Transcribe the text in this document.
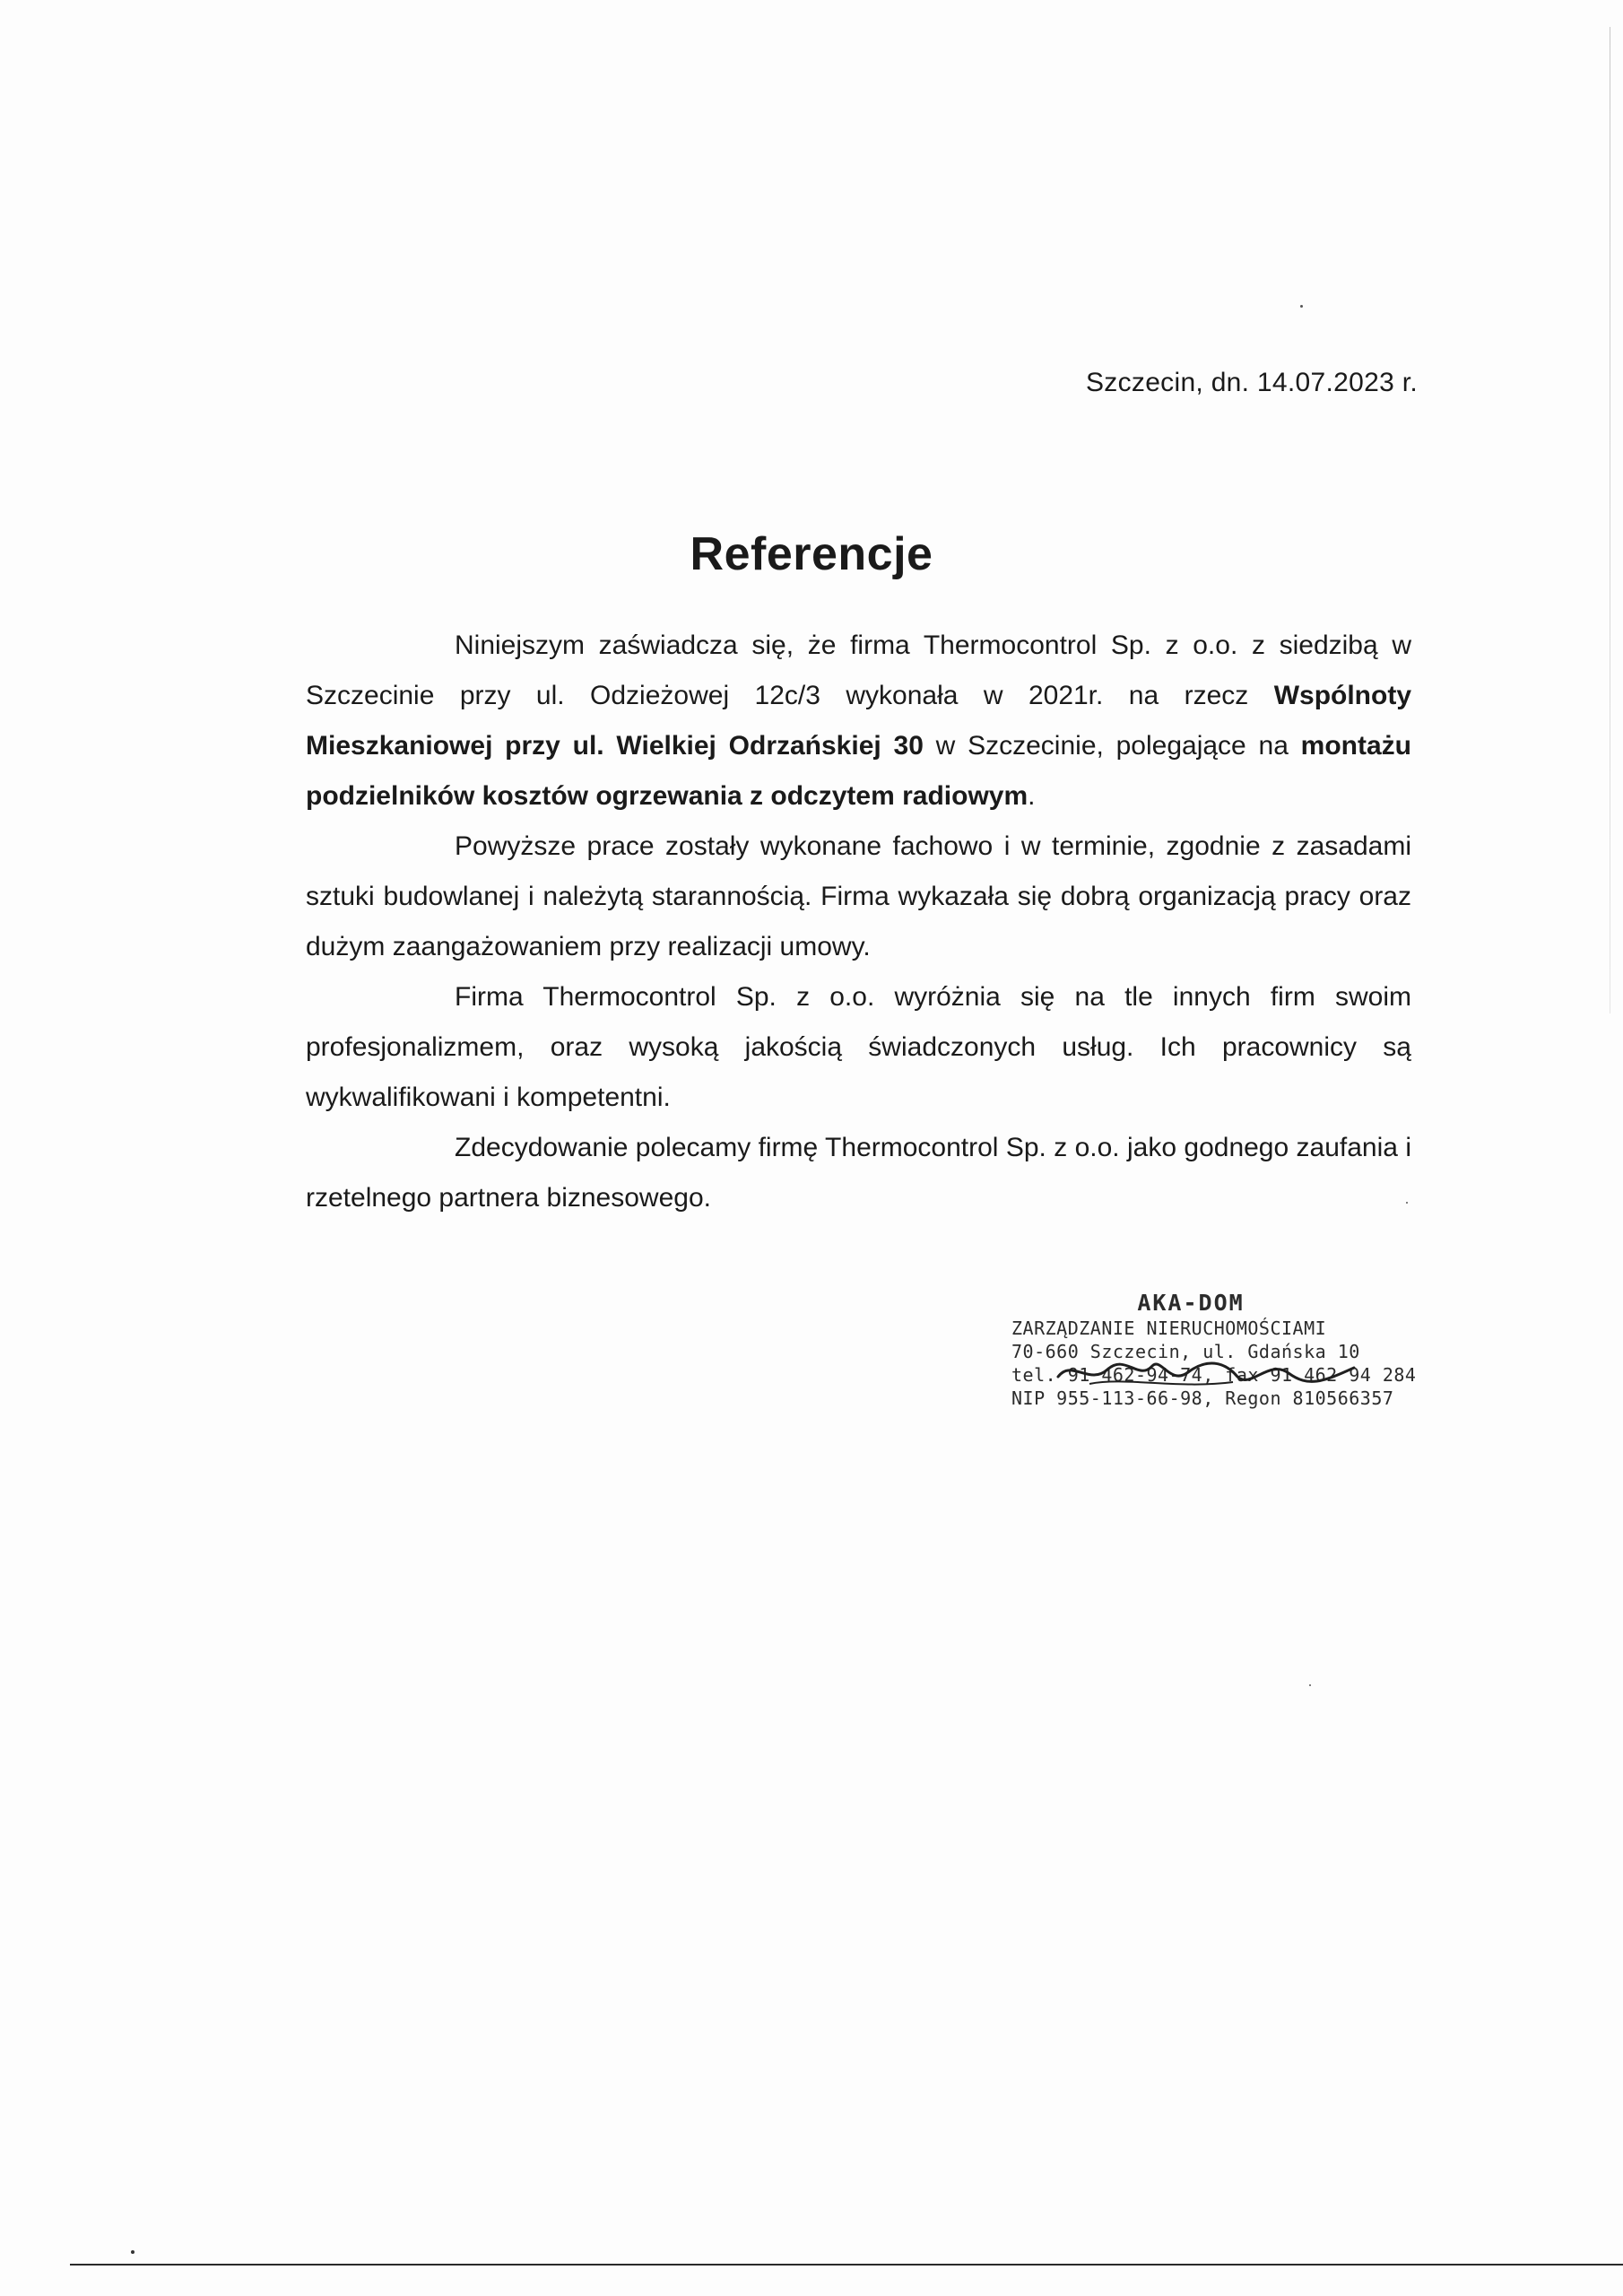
Szczecin, dn. 14.07.2023 r.
Referencje

Niniejszym zaświadcza się, że firma Thermocontrol Sp. z o.o. z siedzibą w Szczecinie przy ul. Odzieżowej 12c/3 wykonała w 2021r. na rzecz Wspólnoty Mieszkaniowej przy ul. Wielkiej Odrzańskiej 30 w Szczecinie, polegające na montażu podzielników kosztów ogrzewania z odczytem radiowym.

Powyższe prace zostały wykonane fachowo i w terminie, zgodnie z zasadami sztuki budowlanej i należytą starannością. Firma wykazała się dobrą organizacją pracy oraz dużym zaangażowaniem przy realizacji umowy.

Firma Thermocontrol Sp. z o.o. wyróżnia się na tle innych firm swoim profesjonalizmem, oraz wysoką jakością świadczonych usług. Ich pracownicy są wykwalifikowani i kompetentni.

Zdecydowanie polecamy firmę Thermocontrol Sp. z o.o. jako godnego zaufania i rzetelnego partnera biznesowego.

AKA-DOM
ZARZĄDZANIE NIERUCHOMOŚCIAMI
70-660 Szczecin, ul. Gdańska 10
tel. 91 462-94-74, fax 91 462 94 284
NIP 955-113-66-98, Regon 810566357
